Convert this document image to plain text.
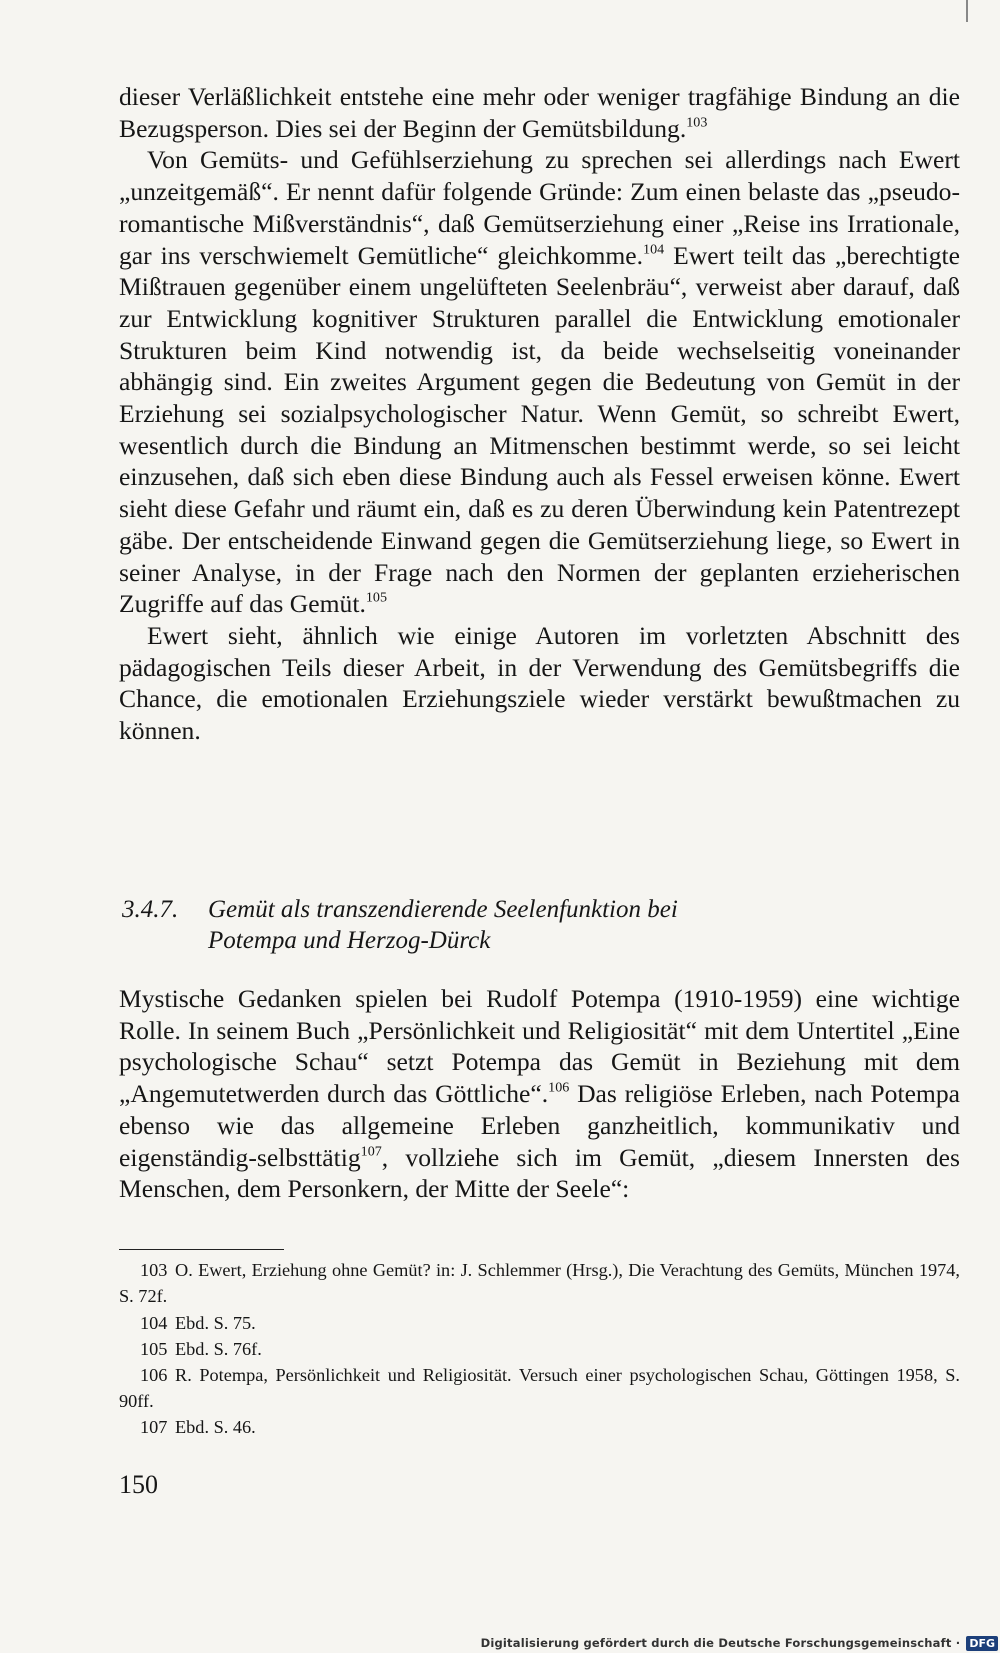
dieser Verläßlichkeit entstehe eine mehr oder weniger tragfähige Bindung an die Bezugsperson. Dies sei der Beginn der Gemütsbildung.$^{103}$

Von Gemüts- und Gefühlserziehung zu sprechen sei allerdings nach Ewert „unzeitgemäß“. Er nennt dafür folgende Gründe: Zum einen belaste das „pseudo-romantische Mißverständnis“, daß Gemütserziehung einer „Reise ins Irrationale, gar ins verschwiemelt Gemütliche“ gleichkomme.$^{104}$ Ewert teilt das „berechtigte Mißtrauen gegenüber einem ungelüfteten Seelenbräu“, verweist aber darauf, daß zur Entwicklung kognitiver Strukturen parallel die Entwicklung emotionaler Strukturen beim Kind notwendig ist, da beide wechselseitig voneinander abhängig sind. Ein zweites Argument gegen die Bedeutung von Gemüt in der Erziehung sei sozialpsychologischer Natur. Wenn Gemüt, so schreibt Ewert, wesentlich durch die Bindung an Mitmenschen bestimmt werde, so sei leicht einzusehen, daß sich eben diese Bindung auch als Fessel erweisen könne. Ewert sieht diese Gefahr und räumt ein, daß es zu deren Überwindung kein Patentrezept gäbe. Der entscheidende Einwand gegen die Gemütserziehung liege, so Ewert in seiner Analyse, in der Frage nach den Normen der geplanten erzieherischen Zugriffe auf das Gemüt.$^{105}$

Ewert sieht, ähnlich wie einige Autoren im vorletzten Abschnitt des pädagogischen Teils dieser Arbeit, in der Verwendung des Gemütsbegriffs die Chance, die emotionalen Erziehungsziele wieder verstärkt bewußtmachen zu können.

3.4.7.	Gemüt als transzendierende Seelenfunktion bei
Potempa und Herzog-Dürck

Mystische Gedanken spielen bei Rudolf Potempa (1910-1959) eine wichtige Rolle. In seinem Buch „Persönlichkeit und Religiosität“ mit dem Untertitel „Eine psychologische Schau“ setzt Potempa das Gemüt in Beziehung mit dem „Angemutetwerden durch das Göttliche“.$^{106}$ Das religiöse Erleben, nach Potempa ebenso wie das allgemeine Erleben ganzheitlich, kommunikativ und eigenständig-selbsttätig$^{107}$, vollziehe sich im Gemüt, „diesem Innersten des Menschen, dem Personkern, der Mitte der Seele“:

103 O. Ewert, Erziehung ohne Gemüt? in: J. Schlemmer (Hrsg.), Die Verachtung des Gemüts, München 1974, S. 72f.

104 Ebd. S. 75.

105 Ebd. S. 76f.

106 R. Potempa, Persönlichkeit und Religiosität. Versuch einer psychologischen Schau, Göttingen 1958, S. 90ff.

107 Ebd. S. 46.

150
Digitalisierung gefördert durch die Deutsche Forschungsgemeinschaft · DFG
